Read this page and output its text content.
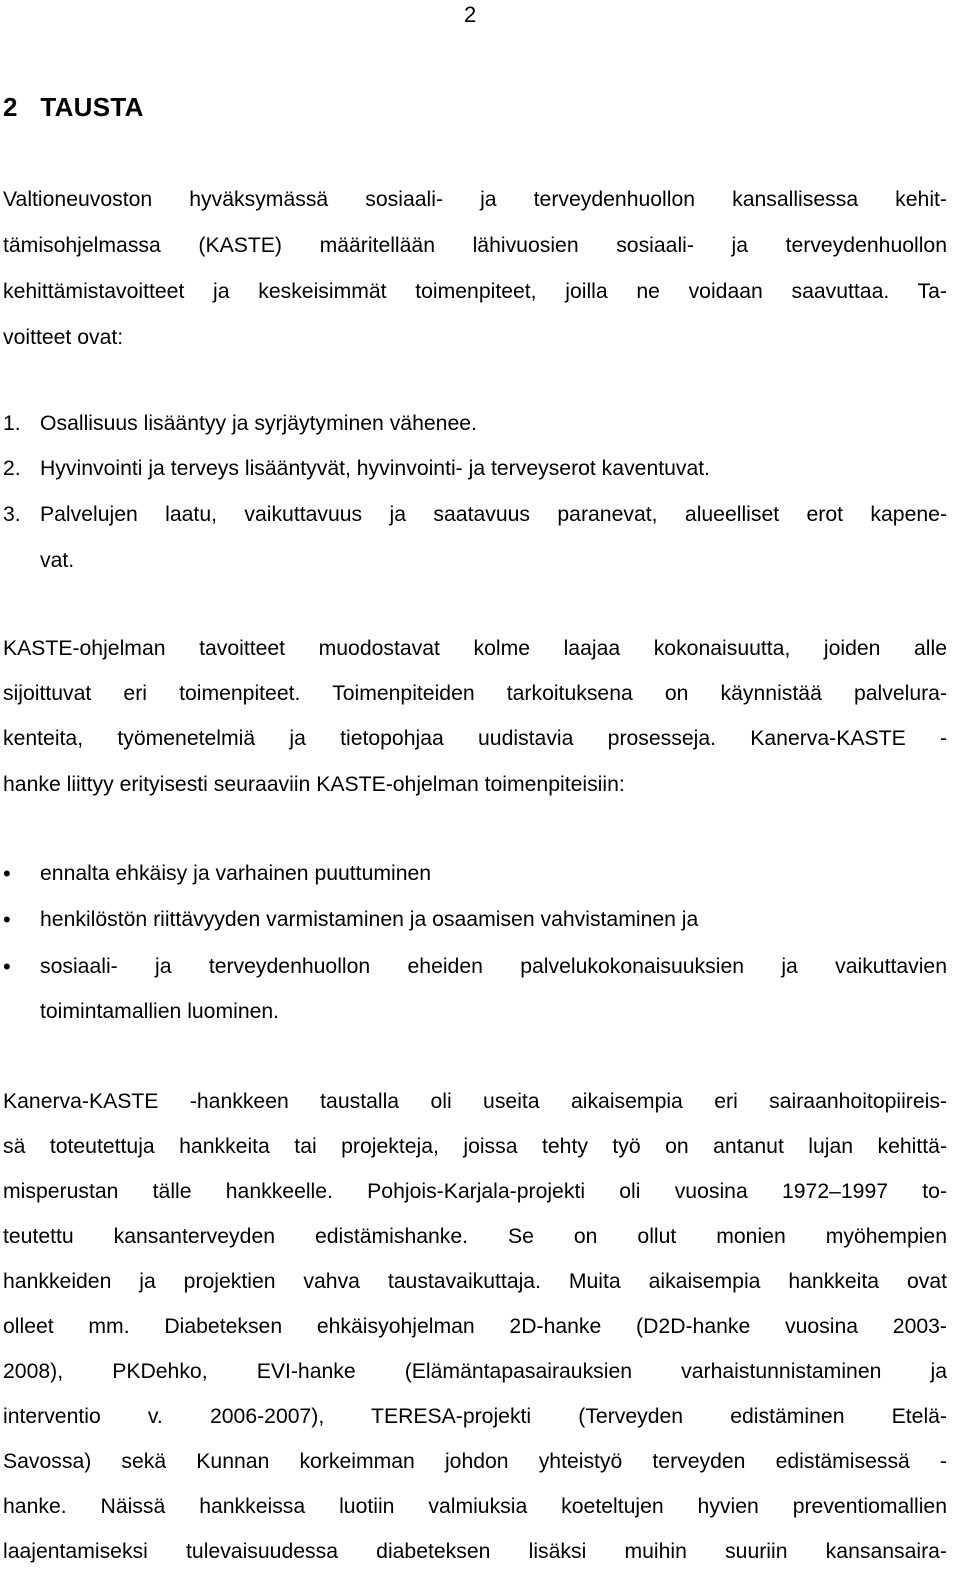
2
2   TAUSTA
Valtioneuvoston hyväksymässä sosiaali- ja terveydenhuollon kansallisessa kehit-
tämisohjelmassa (KASTE) määritellään lähivuosien sosiaali- ja terveydenhuollon
kehittämistavoitteet ja keskeisimmät toimenpiteet, joilla ne voidaan saavuttaa. Ta-
voitteet ovat:
1. Osallisuus lisääntyy ja syrjäytyminen vähenee.
2. Hyvinvointi ja terveys lisääntyvät, hyvinvointi- ja terveyserot kaventuvat.
3. Palvelujen laatu, vaikuttavuus ja saatavuus paranevat, alueelliset erot kapene-
vat.
KASTE-ohjelman tavoitteet muodostavat kolme laajaa kokonaisuutta, joiden alle
sijoittuvat eri toimenpiteet. Toimenpiteiden tarkoituksena on käynnistää palvelura-
kenteita, työmenetelmiä ja tietopohjaa uudistavia prosesseja. Kanerva-KASTE -
hanke liittyy erityisesti seuraaviin KASTE-ohjelman toimenpiteisiin:
• ennalta ehkäisy ja varhainen puuttuminen
• henkilöstön riittävyyden varmistaminen ja osaamisen vahvistaminen ja
• sosiaali- ja terveydenhuollon eheiden palvelukokonaisuuksien ja vaikuttavien
toimintamallien luominen.
Kanerva-KASTE -hankkeen taustalla oli useita aikaisempia eri sairaanhoitopiireis-
sä toteutettuja hankkeita tai projekteja, joissa tehty työ on antanut lujan kehittä-
misperustan tälle hankkeelle. Pohjois-Karjala-projekti oli vuosina 1972–1997 to-
teutettu kansanterveyden edistämishanke. Se on ollut monien myöhempien
hankkeiden ja projektien vahva taustavaikuttaja. Muita aikaisempia hankkeita ovat
olleet mm. Diabeteksen ehkäisyohjelman 2D-hanke (D2D-hanke vuosina 2003-
2008), PKDehko, EVI-hanke (Elämäntapasairauksien varhaistunnistaminen ja
interventio v. 2006-2007), TERESA-projekti (Terveyden edistäminen Etelä-
Savossa) sekä Kunnan korkeimman johdon yhteistyö terveyden edistämisessä -
hanke. Näissä hankkeissa luotiin valmiuksia koeteltujen hyvien preventiomallien
laajentamiseksi tulevaisuudessa diabeteksen lisäksi muihin suuriin kansansaira-
